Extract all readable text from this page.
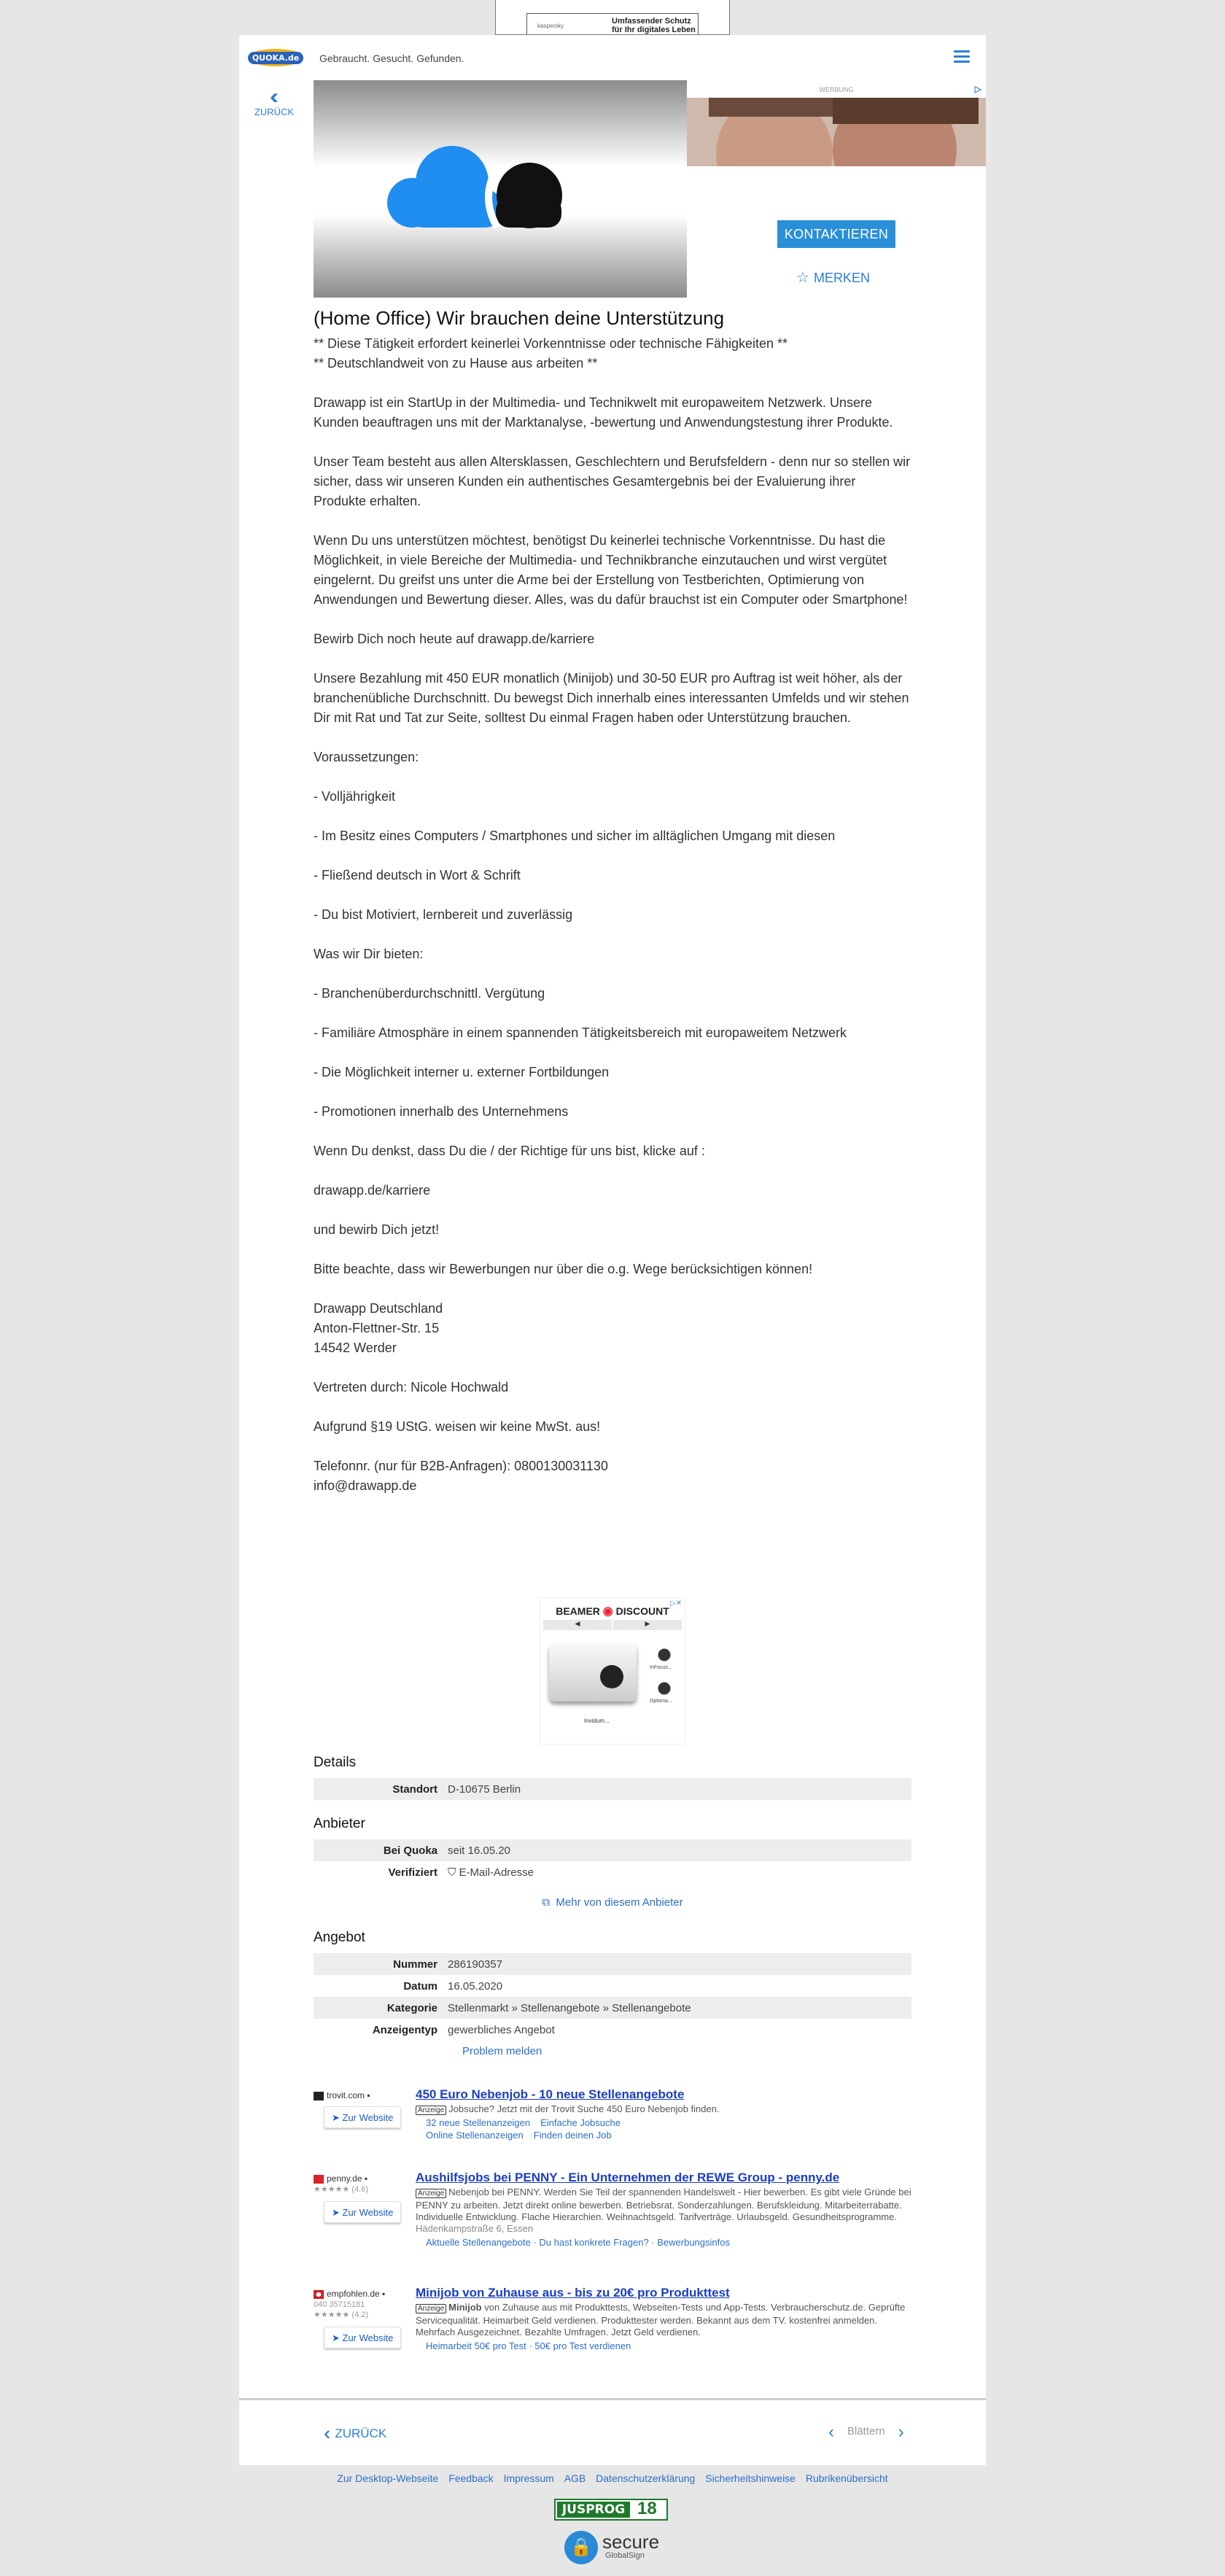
kaspersky
Umfassender Schutz
für Ihr digitales Leben
QUOKA.de	Gebraucht. Gesucht. Gefunden.
‹‹
ZURÜCK
WERBUNG	▷
KONTAKTIEREN
☆ MERKEN
(Home Office) Wir brauchen deine Unterstützung

** Diese Tätigkeit erfordert keinerlei Vorkenntnisse oder technische Fähigkeiten **

** Deutschlandweit von zu Hause aus arbeiten **

Drawapp ist ein StartUp in der Multimedia- und Technikwelt mit europaweitem Netzwerk. Unsere Kunden beauftragen uns mit der Marktanalyse, -bewertung und Anwendungstestung ihrer Produkte.

Unser Team besteht aus allen Altersklassen, Geschlechtern und Berufsfeldern - denn nur so stellen wir sicher, dass wir unseren Kunden ein authentisches Gesamtergebnis bei der Evaluierung ihrer Produkte erhalten.

Wenn Du uns unterstützen möchtest, benötigst Du keinerlei technische Vorkenntnisse. Du hast die Möglichkeit, in viele Bereiche der Multimedia- und Technikbranche einzutauchen und wirst vergütet eingelernt. Du greifst uns unter die Arme bei der Erstellung von Testberichten, Optimierung von Anwendungen und Bewertung dieser. Alles, was du dafür brauchst ist ein Computer oder Smartphone!

Bewirb Dich noch heute auf drawapp.de/karriere

Unsere Bezahlung mit 450 EUR monatlich (Minijob) und 30-50 EUR pro Auftrag ist weit höher, als der branchenübliche Durchschnitt. Du bewegst Dich innerhalb eines interessanten Umfelds und wir stehen Dir mit Rat und Tat zur Seite, solltest Du einmal Fragen haben oder Unterstützung brauchen.

Voraussetzungen:

- Volljährigkeit

- Im Besitz eines Computers / Smartphones und sicher im alltäglichen Umgang mit diesen

- Fließend deutsch in Wort & Schrift

- Du bist Motiviert, lernbereit und zuverlässig

Was wir Dir bieten:

- Branchenüberdurchschnittl. Vergütung

- Familiäre Atmosphäre in einem spannenden Tätigkeitsbereich mit europaweitem Netzwerk

- Die Möglichkeit interner u. externer Fortbildungen

- Promotionen innerhalb des Unternehmens

Wenn Du denkst, dass Du die / der Richtige für uns bist, klicke auf :

drawapp.de/karriere

und bewirb Dich jetzt!

Bitte beachte, dass wir Bewerbungen nur über die o.g. Wege berücksichtigen können!

Drawapp Deutschland

Anton-Flettner-Str. 15

14542 Werder

Vertreten durch: Nicole Hochwald

Aufgrund §19 UStG. weisen wir keine MwSt. aus!

Telefonnr. (nur für B2B-Anfragen): 0800130031130

info@drawapp.de

▷✕
BEAMER ◉ DISCOUNT
◀	▶
Invidum...
InFocus...
Optoma...
Details
Standort D-10675 Berlin
Anbieter
Bei Quoka seit 16.05.20
Verifiziert ⛉ E-Mail-Adresse
⧉ Mehr von diesem Anbieter
Angebot
Nummer 286190357
Datum 16.05.2020
Kategorie Stellenmarkt » Stellenangebote » Stellenangebote
Anzeigentyp gewerbliches Angebot
Problem melden
trovit.com ▪
➤ Zur Website
450 Euro Nebenjob - 10 neue Stellenangebote
Anzeige Jobsuche? Jetzt mit der Trovit Suche 450 Euro Nebenjob finden.
32 neue Stellenanzeigen Einfache Jobsuche
Online Stellenanzeigen Finden deinen Job
penny.de ▪
★★★★★ (4.6)
➤ Zur Website
Aushilfsjobs bei PENNY - Ein Unternehmen der REWE Group - penny.de
Anzeige Nebenjob bei PENNY. Werden Sie Teil der spannenden Handelswelt - Hier bewerben. Es gibt viele Gründe bei PENNY zu arbeiten. Jetzt direkt online bewerben. Betriebsrat. Sonderzahlungen. Berufskleidung. Mitarbeiterrabatte. Individuelle Entwicklung. Flache Hierarchien. Weihnachtsgeld. Tarifverträge. Urlaubsgeld. Gesundheitsprogramme.
Hädenkampstraße 6, Essen
Aktuelle Stellenangebote · Du hast konkrete Fragen? · Bewerbungsinfos
empfohlen.de ▪
040 35715181
★★★★★ (4.2)
➤ Zur Website
Minijob von Zuhause aus - bis zu 20€ pro Produkttest
Anzeige Minijob von Zuhause aus mit Produkttests, Webseiten-Tests und App-Tests. Verbraucherschutz.de. Geprüfte Servicequalität. Heimarbeit Geld verdienen. Produkttester werden. Bekannt aus dem TV. kostenfrei anmelden. Mehrfach Ausgezeichnet. Bezahlte Umfragen. Jetzt Geld verdienen.
Heimarbeit 50€ pro Test · 50€ pro Test verdienen
‹‹ ZURÜCK	‹ Blättern ›
Zur Desktop-Webseite Feedback Impressum AGB Datenschutzerklärung Sicherheitshinweise Rubrikenübersicht
JUSPROG 18
🔒 secure
GlobalSign
